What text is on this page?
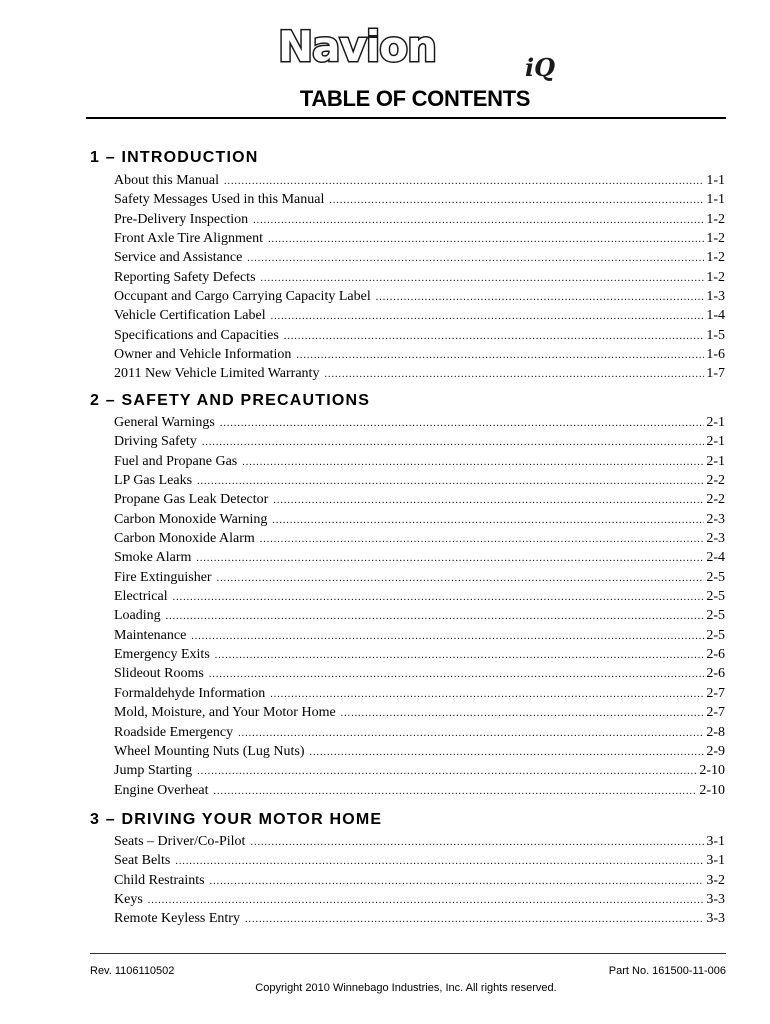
Navion	iQ
TABLE OF CONTENTS
1 – INTRODUCTION
About this Manual .....	1-1
Safety Messages Used in this Manual .....	1-1
Pre-Delivery Inspection .....	1-2
Front Axle Tire Alignment .....	1-2
Service and Assistance .....	1-2
Reporting Safety Defects .....	1-2
Occupant and Cargo Carrying Capacity Label .....	1-3
Vehicle Certification Label .....	1-4
Specifications and Capacities .....	1-5
Owner and Vehicle Information .....	1-6
2011 New Vehicle Limited Warranty .....	1-7
2 – SAFETY AND PRECAUTIONS
General Warnings .....	2-1
Driving Safety .....	2-1
Fuel and Propane Gas .....	2-1
LP Gas Leaks .....	2-2
Propane Gas Leak Detector .....	2-2
Carbon Monoxide Warning .....	2-3
Carbon Monoxide Alarm .....	2-3
Smoke Alarm .....	2-4
Fire Extinguisher .....	2-5
Electrical .....	2-5
Loading .....	2-5
Maintenance .....	2-5
Emergency Exits .....	2-6
Slideout Rooms .....	2-6
Formaldehyde Information .....	2-7
Mold, Moisture, and Your Motor Home .....	2-7
Roadside Emergency .....	2-8
Wheel Mounting Nuts (Lug Nuts) .....	2-9
Jump Starting .....	2-10
Engine Overheat .....	2-10
3 – DRIVING YOUR MOTOR HOME
Seats – Driver/Co-Pilot .....	3-1
Seat Belts .....	3-1
Child Restraints .....	3-2
Keys .....	3-3
Remote Keyless Entry .....	3-3
Rev. 1106110502	Part No. 161500-11-006
Copyright 2010 Winnebago Industries, Inc. All rights reserved.
